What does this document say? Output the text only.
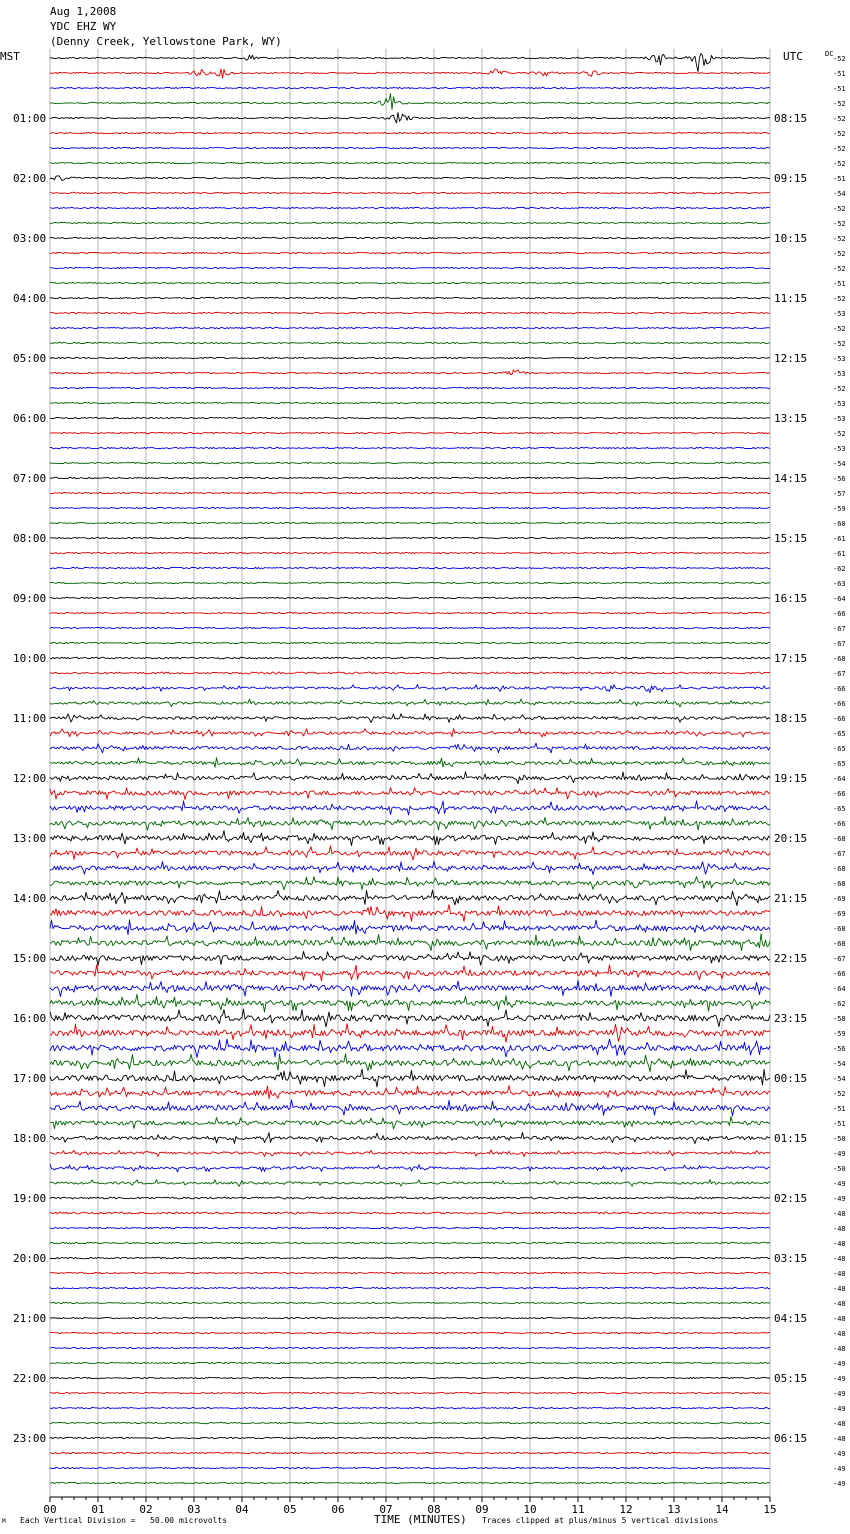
Aug 1,2008
YDC EHZ WY
(Denny Creek, Yellowstone Park, WY)
MST	UTC	DC
01:00
02:00
03:00
04:00
05:00
06:00
07:00
08:00
09:00
10:00
11:00
12:00
13:00
14:00
15:00
16:00
17:00
18:00
19:00
20:00
21:00
22:00
23:00
08:15
09:15
10:15
11:15
12:15
13:15
14:15
15:15
16:15
17:15
18:15
19:15
20:15
21:15
22:15
23:15
00:15
01:15
02:15
03:15
04:15
05:15
06:15
-52
-51
-51
-52
-52
-52
-52
-52
-51
-54
-52
-52
-52
-52
-52
-51
-52
-53
-52
-52
-53
-53
-52
-53
-53
-52
-53
-54
-56
-57
-59
-60
-61
-61
-62
-63
-64
-66
-67
-67
-68
-67
-66
-66
-66
-65
-65
-65
-64
-66
-65
-66
-68
-67
-68
-68
-69
-69
-68
-68
-67
-66
-64
-62
-58
-59
-56
-54
-54
-52
-51
-51
-50
-49
-50
-49
-49
-48
-48
-48
-48
-48
-48
-48
-48
-48
-48
-49
-49
-49
-49
-48
-48
-49
-49
-49
00	01	02	03	04	05	06	07	08	09	10	11	12	13	14	15
M Each Vertical Division =   50.00 microvolts	TIME (MINUTES) Traces clipped at plus/minus 5 vertical divisions
